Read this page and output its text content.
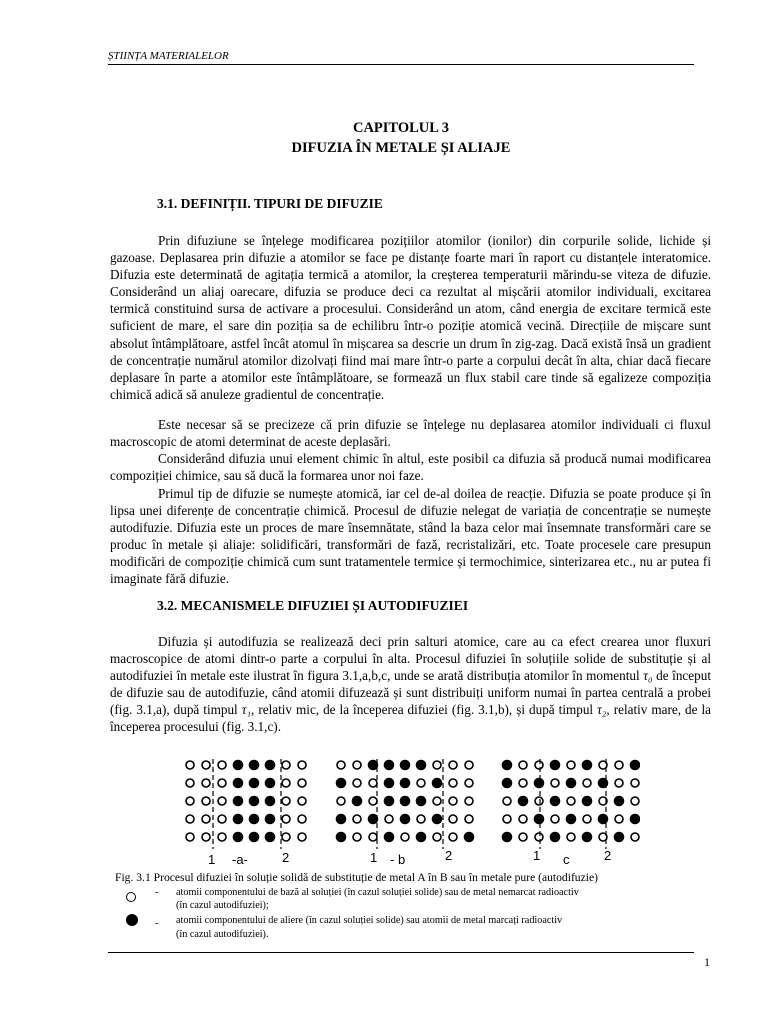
ȘTIINȚA MATERIALELOR
CAPITOLUL 3
DIFUZIA ÎN METALE ȘI ALIAJE
3.1. DEFINIȚII. TIPURI DE DIFUZIE

Prin difuziune se înțelege modificarea pozițiilor atomilor (ionilor) din corpurile solide, lichide și gazoase. Deplasarea prin difuzie a atomilor se face pe distanțe foarte mari în raport cu distanțele interatomice. Difuzia este determinată de agitația termică a atomilor, la creșterea temperaturii mărindu-se viteza de difuzie. Considerând un aliaj oarecare, difuzia se produce deci ca rezultat al mișcării atomilor individuali, excitarea termică constituind sursa de activare a procesului. Considerând un atom, când energia de excitare termică este suficient de mare, el sare din poziția sa de echilibru într-o poziție atomică vecină. Direcțiile de mișcare sunt absolut întâmplătoare, astfel încât atomul în mișcarea sa descrie un drum în zig-zag. Dacă există însă un gradient de concentrație numărul atomilor dizolvați fiind mai mare într-o parte a corpului decât în alta, chiar dacă fiecare deplasare în parte a atomilor este întâmplătoare, se formează un flux stabil care tinde să egalizeze compoziția chimică adică să anuleze gradientul de concentrație.

Este necesar să se precizeze că prin difuzie se înțelege nu deplasarea atomilor individuali ci fluxul macroscopic de atomi determinat de aceste deplasări.

Considerând difuzia unui element chimic în altul, este posibil ca difuzia să producă numai modificarea compoziției chimice, sau să ducă la formarea unor noi faze.

Primul tip de difuzie se numește atomică, iar cel de-al doilea de reacție. Difuzia se poate produce și în lipsa unei diferențe de concentrație chimică. Procesul de difuzie nelegat de variația de concentrație se numește autodifuzie. Difuzia este un proces de mare însemnătate, stând la baza celor mai însemnate transformări care se produc în metale și aliaje: solidificări, transformări de fază, recristalizări, etc. Toate procesele care presupun modificări de compoziție chimică cum sunt tratamentele termice și termochimice, sinterizarea etc., nu ar putea fi imaginate fără difuzie.

3.2. MECANISMELE DIFUZIEI ȘI AUTODIFUZIEI

Difuzia și autodifuzia se realizează deci prin salturi atomice, care au ca efect crearea unor fluxuri macroscopice de atomi dintr-o parte a corpului în alta. Procesul difuziei în soluțiile solide de substituție și al autodifuziei în metale este ilustrat în figura 3.1,a,b,c, unde se arată distribuția atomilor în momentul τ₀ de început de difuzie sau de autodifuzie, când atomii difuzează și sunt distribuiți uniform numai în partea centrală a probei (fig. 3.1,a), după timpul τ₁, relativ mic, de la începerea difuziei (fig. 3.1,b), și după timpul τ₂, relativ mare, de la începerea procesului (fig. 3.1,c).

1 -a-	2	1 - b	2	1 c	2
Fig. 3.1 Procesul difuziei în soluție solidă de substituție de metal A în B sau în metale pure (autodifuzie)
- atomii componentului de bază al soluției (în cazul soluției solide) sau de metal nemarcat radioactiv
(în cazul autodifuziei);
- atomii componentului de aliere (în cazul soluției solide) sau atomii de metal marcați radioactiv
(în cazul autodifuziei).
1
